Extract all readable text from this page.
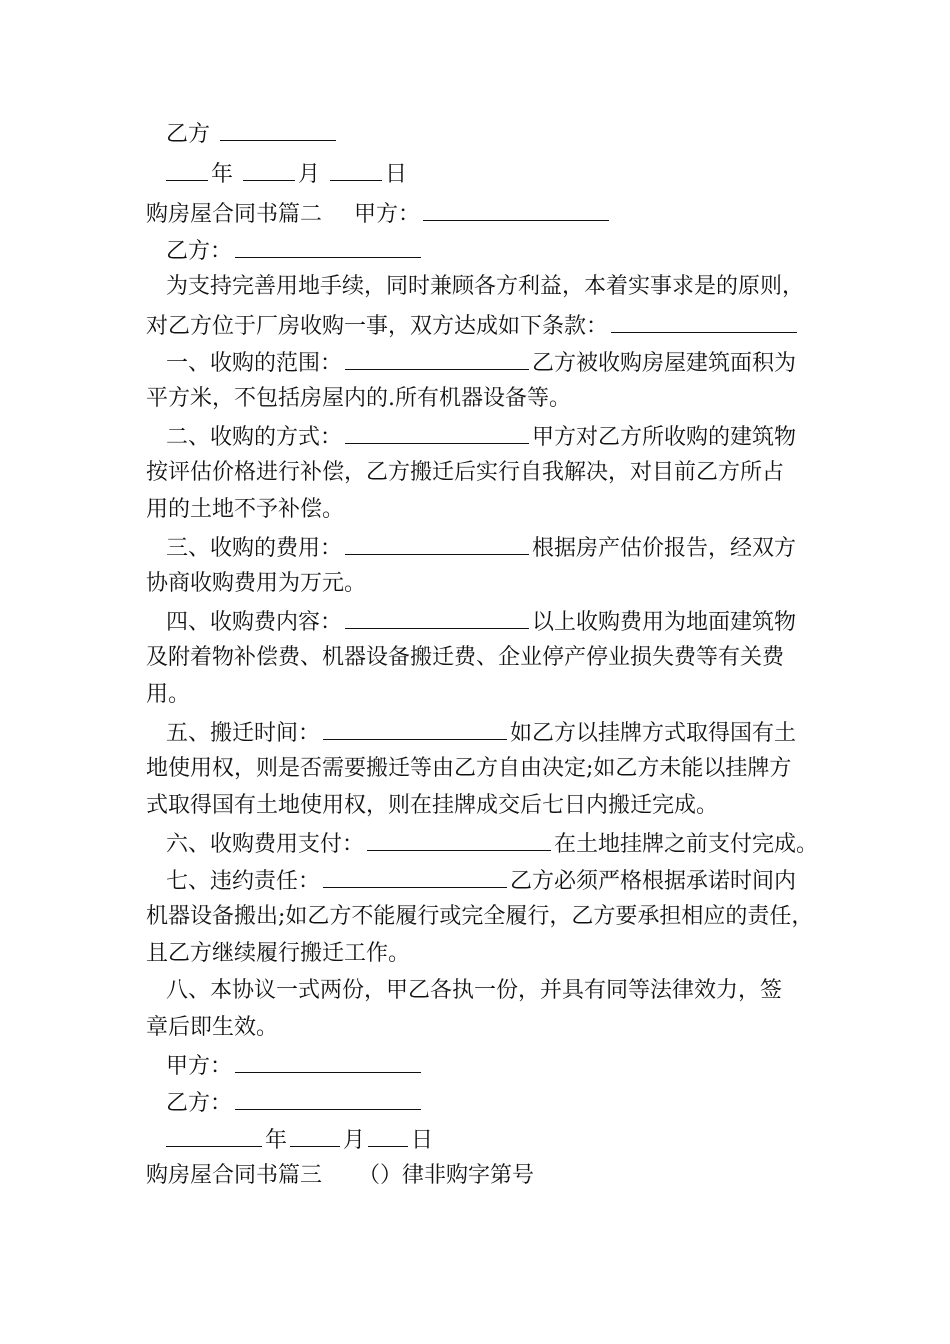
乙方
年	月	日
购房屋合同书篇二 甲方：
乙方：
为支持完善用地手续，同时兼顾各方利益，本着实事求是的原则，
对乙方位于厂房收购一事，双方达成如下条款：
一、收购的范围：	乙方被收购房屋建筑面积为
平方米，不包括房屋内的.所有机器设备等。
二、收购的方式：	甲方对乙方所收购的建筑物
按评估价格进行补偿，乙方搬迁后实行自我解决，对目前乙方所占
用的土地不予补偿。
三、收购的费用：	根据房产估价报告，经双方
协商收购费用为万元。
四、收购费内容：	以上收购费用为地面建筑物
及附着物补偿费、机器设备搬迁费、企业停产停业损失费等有关费
用。
五、搬迁时间：	如乙方以挂牌方式取得国有土
地使用权，则是否需要搬迁等由乙方自由决定;如乙方未能以挂牌方
式取得国有土地使用权，则在挂牌成交后七日内搬迁完成。
六、收购费用支付：	在土地挂牌之前支付完成。
七、违约责任：	乙方必须严格根据承诺时间内
机器设备搬出;如乙方不能履行或完全履行，乙方要承担相应的责任，
且乙方继续履行搬迁工作。
八、本协议一式两份，甲乙各执一份，并具有同等法律效力，签
章后即生效。
甲方：
乙方：
年	月 日
购房屋合同书篇三 （）律非购字第号
